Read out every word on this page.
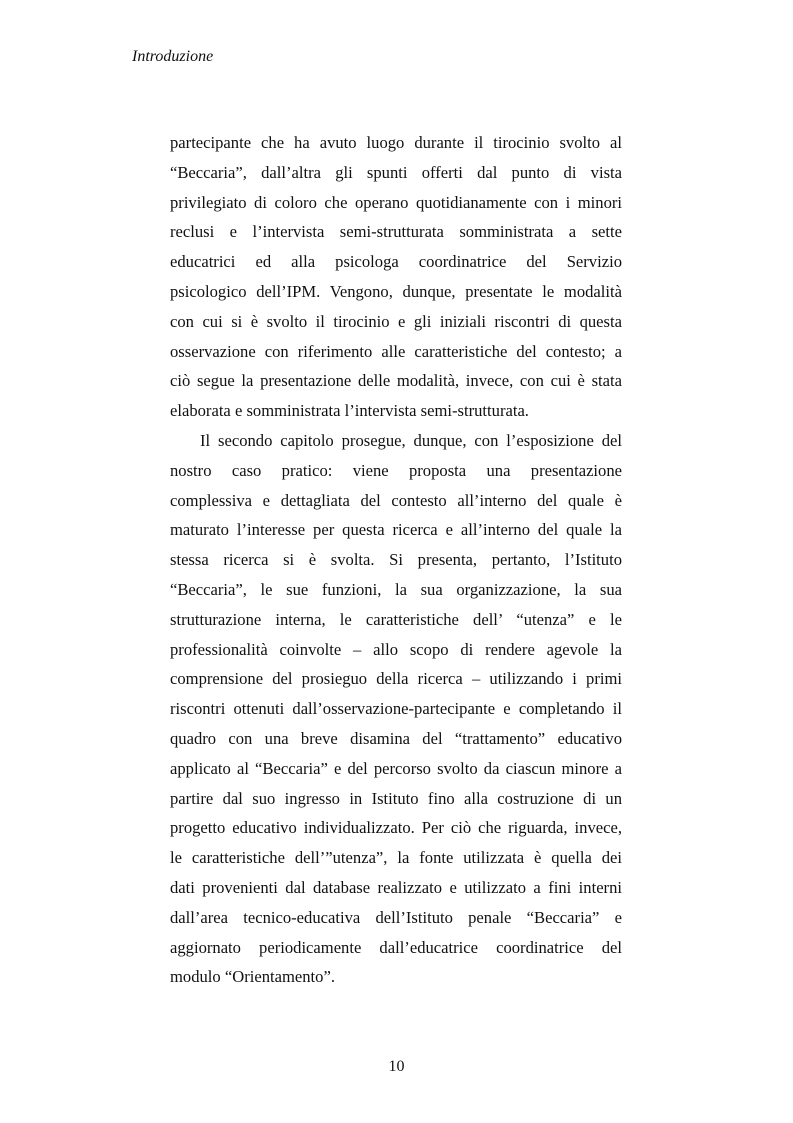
Introduzione

partecipante che ha avuto luogo durante il tirocinio svolto al
“Beccaria”, dall’altra gli spunti offerti dal punto di vista
privilegiato di coloro che operano quotidianamente con i minori
reclusi e l’intervista semi-strutturata somministrata a sette
educatrici ed alla psicologa coordinatrice del Servizio
psicologico dell’IPM. Vengono, dunque, presentate le modalità
con cui si è svolto il tirocinio e gli iniziali riscontri di questa
osservazione con riferimento alle caratteristiche del contesto; a
ciò segue la presentazione delle modalità, invece, con cui è stata
elaborata e somministrata l’intervista semi-strutturata.

Il secondo capitolo prosegue, dunque, con l’esposizione del
nostro caso pratico: viene proposta una presentazione
complessiva e dettagliata del contesto all’interno del quale è
maturato l’interesse per questa ricerca e all’interno del quale la
stessa ricerca si è svolta. Si presenta, pertanto, l’Istituto
“Beccaria”, le sue funzioni, la sua organizzazione, la sua
strutturazione interna, le caratteristiche dell’ “utenza” e le
professionalità coinvolte – allo scopo di rendere agevole la
comprensione del prosieguo della ricerca – utilizzando i primi
riscontri ottenuti dall’osservazione-partecipante e completando il
quadro con una breve disamina del “trattamento” educativo
applicato al “Beccaria” e del percorso svolto da ciascun minore a
partire dal suo ingresso in Istituto fino alla costruzione di un
progetto educativo individualizzato. Per ciò che riguarda, invece,
le caratteristiche dell’”utenza”, la fonte utilizzata è quella dei
dati provenienti dal database realizzato e utilizzato a fini interni
dall’area tecnico-educativa dell’Istituto penale “Beccaria” e
aggiornato periodicamente dall’educatrice coordinatrice del
modulo “Orientamento”.

10
